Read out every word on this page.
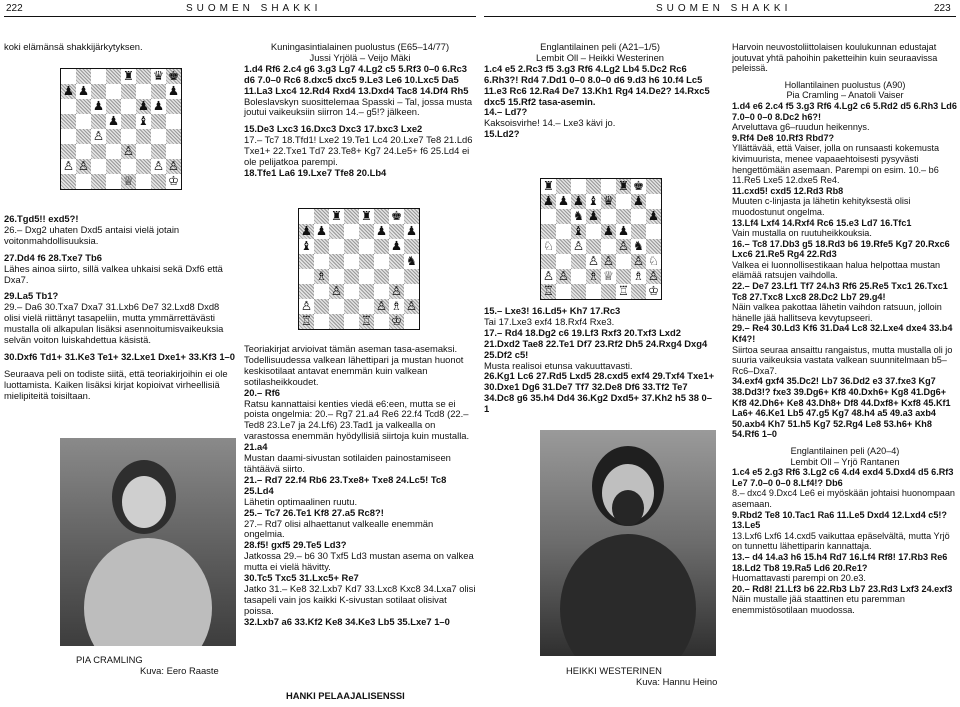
222	SUOMEN SHAKKI	SUOMEN SHAKKI	223

koki elämänsä shakkijärkytyksen.

♜ ♛ ♚
♟ ♟	♟
♟	♟ ♟
♟ ♝
♙
♙
♙ ♙	♙ ♙
♕	♔

26.Tgd5!! exd5?!

26.– Dxg2 uhaten Dxd5 antaisi vielä jotain voitonmahdollisuuksia.

27.Dd4 f6 28.Txe7 Tb6

Lähes ainoa siirto, sillä valkea uhkaisi sekä Dxf6 että Dxa7.

29.La5 Tb1?

29.– Da6 30.Txa7 Dxa7 31.Lxb6 De7 32.Lxd8 Dxd8 olisi vielä riittänyt tasapeliin, mutta ymmärrettävästi mustalla oli alkapulan lisäksi asennoitumisvaikeuksia selvän voiton luiskahdettua käsistä.

30.Dxf6 Td1+ 31.Ke3 Te1+ 32.Lxe1 Dxe1+ 33.Kf3 1–0

Seuraava peli on todiste siitä, että teoriakirjoihin ei ole luottamista. Kaiken lisäksi kirjat kopioivat virheellisiä mielipiteitä toisiltaan.

PIA CRAMLING
Kuva: Eero Raaste

Kuningasintialainen puolustus (E65–14/77)

Jussi Yrjölä – Veijo Mäki

1.d4 Rf6 2.c4 g6 3.g3 Lg7 4.Lg2 c5 5.Rf3 0–0 6.Rc3 d6 7.0–0 Rc6 8.dxc5 dxc5 9.Le3 Le6 10.Lxc5 Da5 11.La3 Lxc4 12.Rd4 Rxd4 13.Dxd4 Tac8 14.Df4 Rh5

Boleslavskyn suosittelemaa Spasski – Tal, jossa musta joutui vaikeuksiin siirron 14.– g5!? jälkeen.

15.De3 Lxc3 16.Dxc3 Dxc3 17.bxc3 Lxe2

17.– Tc7 18.Tfd1! Lxe2 19.Te1 Lc4 20.Lxe7 Te8 21.Ld6 Txe1+ 22.Txe1 Td7 23.Te8+ Kg7 24.Le5+ f6 25.Ld4 ei ole pelijatkoa parempi.

18.Tfe1 La6 19.Lxe7 Tfe8 20.Lb4

♜ ♜ ♚
♟ ♟	♟ ♟
♝	♟
♞
♗
♙	♙
♙	♙ ♗ ♙
♖	♖ ♔

Teoriakirjat arvioivat tämän aseman tasa-asemaksi. Todellisuudessa valkean lähettipari ja mustan huonot keskisotilaat antavat enemmän kuin valkean sotilasheikkoudet.

20.– Rf6

Ratsu kannattaisi kenties viedä e6:een, mutta se ei poista ongelmia: 20.– Rg7 21.a4 Re6 22.f4 Tcd8 (22.– Ted8 23.Le7 ja 24.Lf6) 23.Tad1 ja valkealla on varastossa enemmän hyödyllisiä siirtoja kuin mustalla.

21.a4

Mustan daami-sivustan sotilaiden painostamiseen tähtäävä siirto.

21.– Rd7 22.f4 Rb6 23.Txe8+ Txe8 24.Lc5! Tc8 25.Ld4

Lähetin optimaalinen ruutu.

25.– Tc7 26.Te1 Kf8 27.a5 Rc8?!

27.– Rd7 olisi alhaettanut valkealle enemmän ongelmia.

28.f5! gxf5 29.Te5 Ld3?

Jatkossa 29.– b6 30 Txf5 Ld3 mustan asema on valkea mutta ei vielä hävitty.

30.Tc5 Txc5 31.Lxc5+ Re7

Jatko 31.– Ke8 32.Lxb7 Kd7 33.Lxc8 Kxc8 34.Lxa7 olisi tasapeli vain jos kaikki K-sivustan sotilaat olisivat poissa.

32.Lxb7 a6 33.Kf2 Ke8 34.Ke3 Lb5 35.Lxe7 1–0

HANKI PELAAJALISENSSI

Englantilainen peli (A21–1/5)

Lembit Oll – Heikki Westerinen

1.c4 e5 2.Rc3 f5 3.g3 Rf6 4.Lg2 Lb4 5.Dc2 Rc6 6.Rh3?! Rd4 7.Dd1 0–0 8.0–0 d6 9.d3 h6 10.f4 Lc5 11.e3 Rc6 12.Ra4 De7 13.Kh1 Rg4 14.De2? 14.Rxc5 dxc5 15.Rf2 tasa-asemin.

14.– Ld7?

Kaksoisvirhe! 14.– Lxe3 kävi jo.

15.Ld2?

♜	♜ ♚
♟ ♟ ♟ ♝ ♛ ♟
♞ ♟	♟
♝ ♟ ♟
♘ ♙	♙ ♞
♙ ♙ ♙ ♘
♙ ♙ ♗ ♕ ♗ ♙
♖	♖ ♔

15.– Lxe3! 16.Ld5+ Kh7 17.Rc3

Tai 17.Lxe3 exf4 18.Rxf4 Rxe3.

17.– Rd4 18.Dg2 c6 19.Lf3 Rxf3 20.Txf3 Lxd2 21.Dxd2 Tae8 22.Te1 Df7 23.Rf2 Dh5 24.Rxg4 Dxg4 25.Df2 c5!

Musta realisoi etunsa vakuuttavasti.

26.Kg1 Lc6 27.Rd5 Lxd5 28.cxd5 exf4 29.Txf4 Txe1+ 30.Dxe1 Dg6 31.De7 Tf7 32.De8 Df6 33.Tf2 Te7 34.Dc8 g6 35.h4 Dd4 36.Kg2 Dxd5+ 37.Kh2 h5 38 0–1

HEIKKI WESTERINEN
Kuva: Hannu Heino

Harvoin neuvostoliittolaisen koulukunnan edustajat joutuvat yhtä pahoihin paketteihin kuin seuraavissa peleissä.

Hollantilainen puolustus (A90)

Pia Cramling – Anatoli Vaiser

1.d4 e6 2.c4 f5 3.g3 Rf6 4.Lg2 c6 5.Rd2 d5 6.Rh3 Ld6 7.0–0 0–0 8.Dc2 h6?!

Arveluttava g6–ruudun heikennys.

9.Rf4 De8 10.Rf3 Rbd7?

Yllättävää, että Vaiser, jolla on runsaasti kokemusta kivimuurista, menee vapaaehtoisesti pysyvästi hengettömään asemaan. Parempi on esim. 10.– b6 11.Re5 Lxe5 12.dxe5 Re4.

11.cxd5! cxd5 12.Rd3 Rb8

Muuten c-linjasta ja lähetin kehityksestä olisi muodostunut ongelma.

13.Lf4 Lxf4 14.Rxf4 Rc6 15.e3 Ld7 16.Tfc1

Vain mustalla on ruutuheikkouksia.

16.– Tc8 17.Db3 g5 18.Rd3 b6 19.Rfe5 Kg7 20.Rxc6 Lxc6 21.Re5 Rg4 22.Rd3

Valkea ei luonnollisestikaan halua helpottaa mustan elämää ratsujen vaihdolla.

22.– De7 23.Lf1 Tf7 24.h3 Rf6 25.Re5 Txc1 26.Txc1 Tc8 27.Txc8 Lxc8 28.Dc2 Lb7 29.g4!

Näin valkea pakottaa lähetin vaihdon ratsuun, jolloin hänelle jää hallitseva kevytupseeri.

29.– Re4 30.Ld3 Kf6 31.Da4 Lc8 32.Lxe4 dxe4 33.b4 Kf4?!

Siirtoa seuraa ansaittu rangaistus, mutta mustalla oli jo suuria vaikeuksia vastata valkean suunnitelmaan b5–Rc6–Dxa7.

34.exf4 gxf4 35.Dc2! Lb7 36.Dd2 e3 37.fxe3 Kg7 38.Dd3!? fxe3 39.Dg6+ Kf8 40.Dxh6+ Kg8 41.Dg6+ Kf8 42.Dh6+ Ke8 43.Dh8+ Df8 44.Dxf8+ Kxf8 45.Kf1 La6+ 46.Ke1 Lb5 47.g5 Kg7 48.h4 a5 49.a3 axb4 50.axb4 Kh7 51.h5 Kg7 52.Rg4 Le8 53.h6+ Kh8 54.Rf6 1–0

Englantilainen peli (A20–4)

Lembit Oll – Yrjö Rantanen

1.c4 e5 2.g3 Rf6 3.Lg2 c6 4.d4 exd4 5.Dxd4 d5 6.Rf3 Le7 7.0–0 0–0 8.Lf4!? Db6

8.– dxc4 9.Dxc4 Le6 ei myöskään johtaisi huonompaan asemaan.

9.Rbd2 Te8 10.Tac1 Ra6 11.Le5 Dxd4 12.Lxd4 c5!? 13.Le5

13.Lxf6 Lxf6 14.cxd5 vaikuttaa epäselvältä, mutta Yrjö on tunnettu lähettiparin kannattaja.

13.– d4 14.a3 h6 15.h4 Rd7 16.Lf4 Rf8! 17.Rb3 Re6 18.Ld2 Tb8 19.Ra5 Ld6 20.Re1?

Huomattavasti parempi on 20.e3.

20.– Rd8! 21.Lf3 b6 22.Rb3 Lb7 23.Rd3 Lxf3 24.exf3

Näin mustalle jää staattinen etu paremman enemmistösotilaan muodossa.
